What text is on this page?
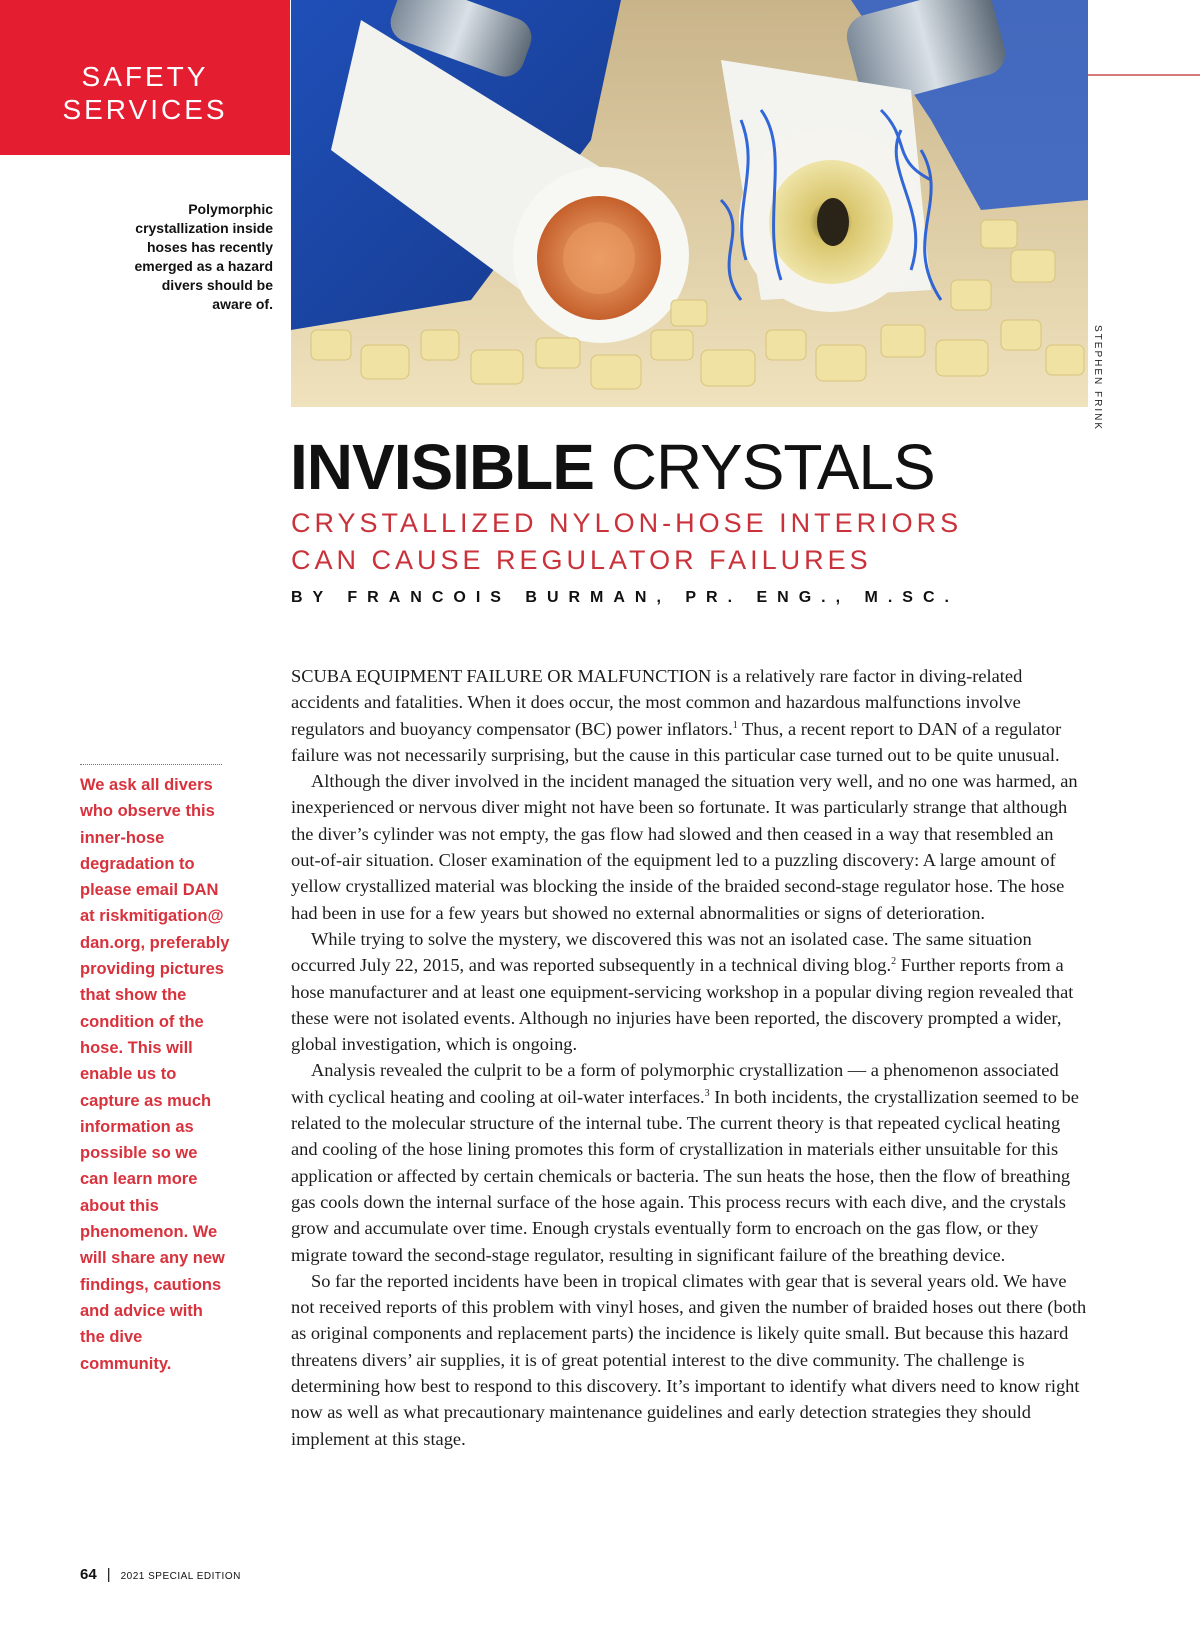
SAFETY
SERVICES
STEPHEN FRINK
Polymorphic crystallization inside hoses has recently emerged as a hazard divers should be aware of.
INVISIBLE CRYSTALS
CRYSTALLIZED NYLON-HOSE INTERIORS
CAN CAUSE REGULATOR FAILURES
BY FRANCOIS BURMAN, PR. ENG., M.SC.
We ask all divers who observe this inner-hose degradation to please email DAN at riskmitigation@ dan.org, preferably providing pictures that show the condition of the hose. This will enable us to capture as much information as possible so we can learn more about this phenomenon. We will share any new findings, cautions and advice with the dive community.

SCUBA EQUIPMENT FAILURE OR MALFUNCTION is a relatively rare factor in diving-related accidents and fatalities. When it does occur, the most common and hazardous malfunctions involve regulators and buoyancy compensator (BC) power inflators.$^1$ Thus, a recent report to DAN of a regulator failure was not necessarily surprising, but the cause in this particular case turned out to be quite unusual.

Although the diver involved in the incident managed the situation very well, and no one was harmed, an inexperienced or nervous diver might not have been so fortunate. It was particularly strange that although the diver’s cylinder was not empty, the gas flow had slowed and then ceased in a way that resembled an out-of-air situation. Closer examination of the equipment led to a puzzling discovery: A large amount of yellow crystallized material was blocking the inside of the braided second-stage regulator hose. The hose had been in use for a few years but showed no external abnormalities or signs of deterioration.

While trying to solve the mystery, we discovered this was not an isolated case. The same situation occurred July 22, 2015, and was reported subsequently in a technical diving blog.$^2$ Further reports from a hose manufacturer and at least one equipment-servicing workshop in a popular diving region revealed that these were not isolated events. Although no injuries have been reported, the discovery prompted a wider, global investigation, which is ongoing.

Analysis revealed the culprit to be a form of polymorphic crystallization — a phenomenon associated with cyclical heating and cooling at oil-water interfaces.$^3$ In both incidents, the crystallization seemed to be related to the molecular structure of the internal tube. The current theory is that repeated cyclical heating and cooling of the hose lining promotes this form of crystallization in materials either unsuitable for this application or affected by certain chemicals or bacteria. The sun heats the hose, then the flow of breathing gas cools down the internal surface of the hose again. This process recurs with each dive, and the crystals grow and accumulate over time. Enough crystals eventually form to encroach on the gas flow, or they migrate toward the second-stage regulator, resulting in significant failure of the breathing device.

So far the reported incidents have been in tropical climates with gear that is several years old. We have not received reports of this problem with vinyl hoses, and given the number of braided hoses out there (both as original components and replacement parts) the incidence is likely quite small. But because this hazard threatens divers’ air supplies, it is of great potential interest to the dive community. The challenge is determining how best to respond to this discovery. It’s important to identify what divers need to know right now as well as what precautionary maintenance guidelines and early detection strategies they should implement at this stage.

64 | 2021 SPECIAL EDITION
